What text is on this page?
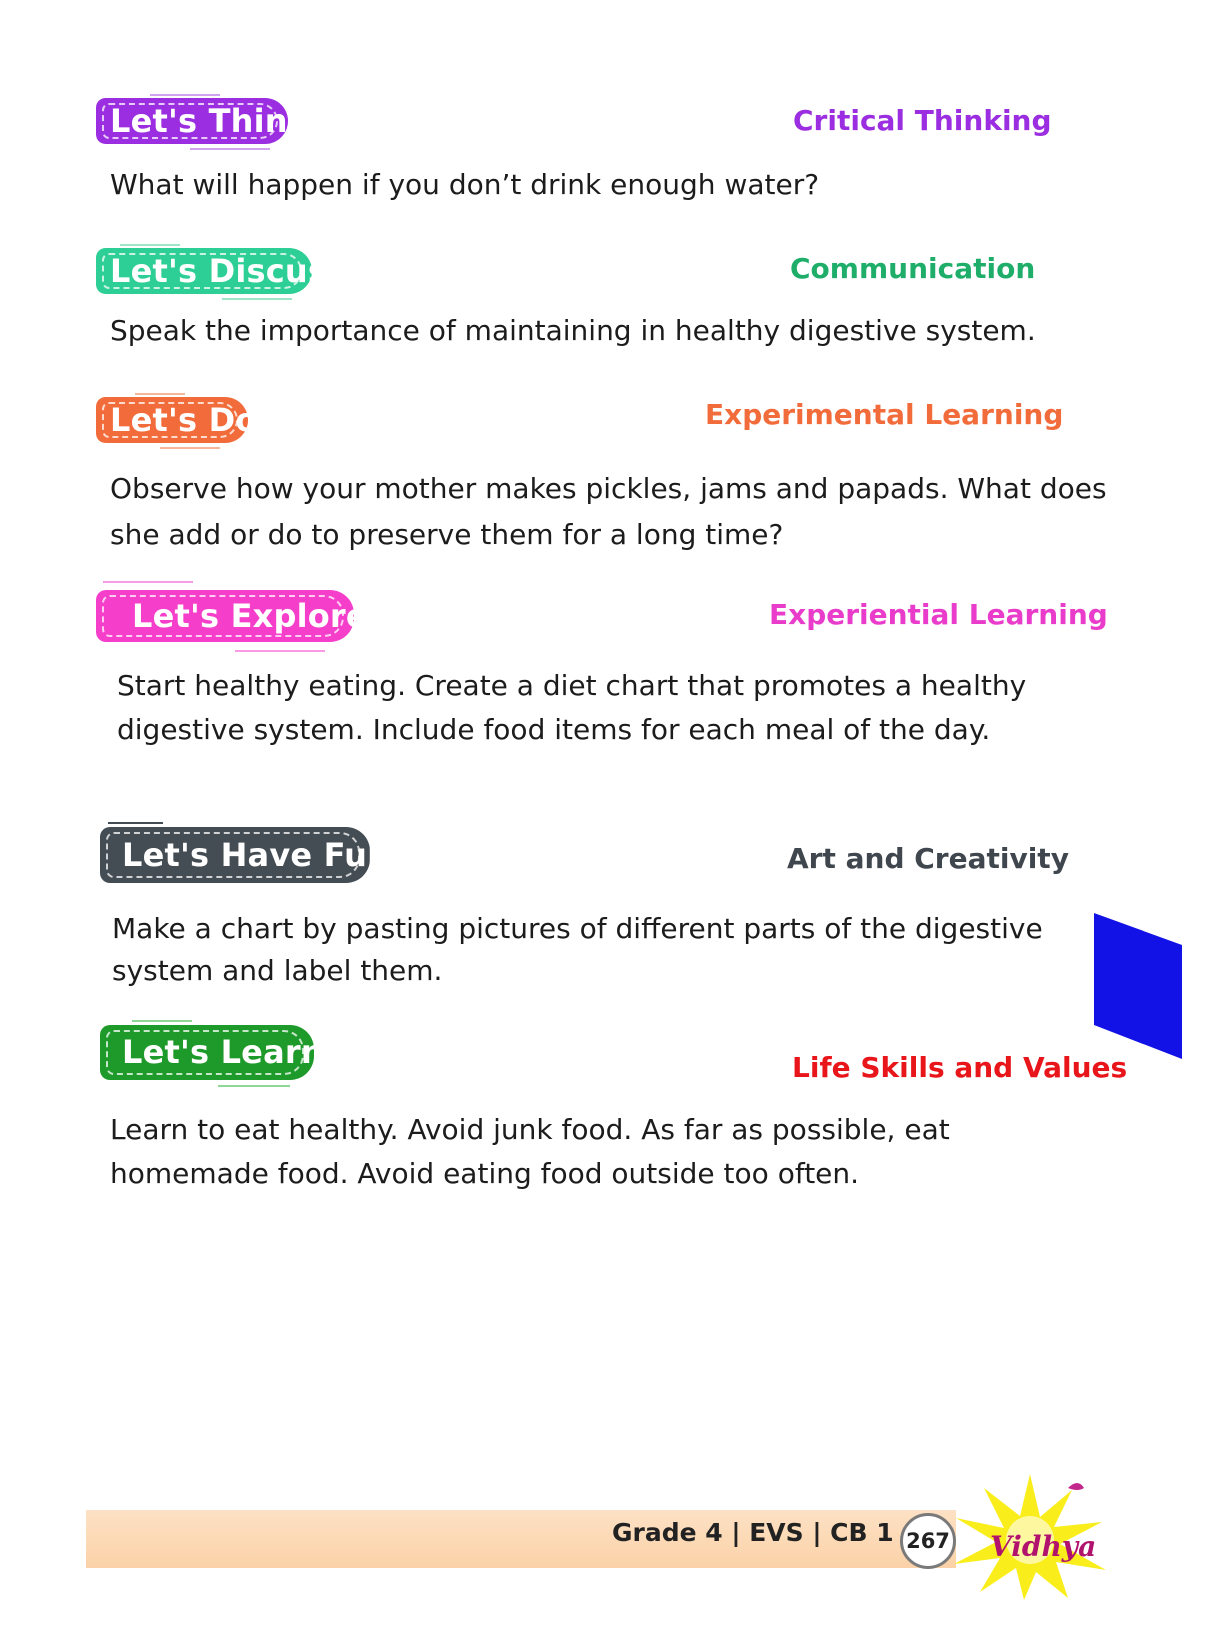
Let's Think	Critical Thinking

What will happen if you don’t drink enough water?

Let's Discuss	Communication

Speak the importance of maintaining in healthy digestive system.

Let's Do	Experimental Learning

Observe how your mother makes pickles, jams and papads. What does

she add or do to preserve them for a long time?

Let's Explore	Experiential Learning

Start healthy eating. Create a diet chart that promotes a healthy

digestive system. Include food items for each meal of the day.

Let's Have Fun	Art and Creativity

Make a chart by pasting pictures of different parts of the digestive

system and label them.

Let's Learn	Life Skills and Values

Learn to eat healthy. Avoid junk food. As far as possible, eat

homemade food. Avoid eating food outside too often.

Grade 4 | EVS | CB 1 267 Vidhya
